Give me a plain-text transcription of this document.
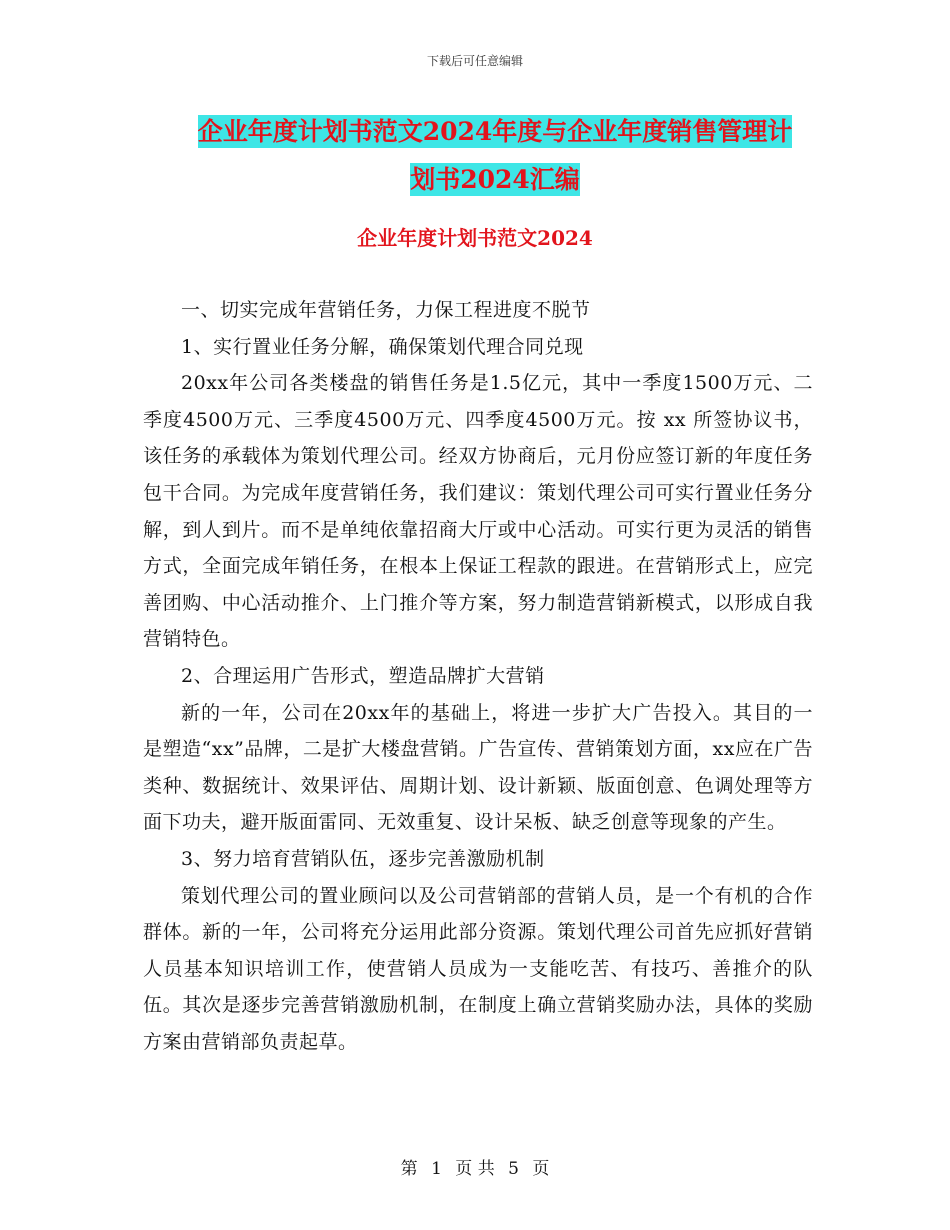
下载后可任意编辑
企业年度计划书范文2024年度与企业年度销售管理计
划书2024汇编
企业年度计划书范文2024

一、切实完成年营销任务，力保工程进度不脱节

1、实行置业任务分解，确保策划代理合同兑现

20xx年公司各类楼盘的销售任务是1.5亿元，其中一季度1500万元、二季度4500万元、三季度4500万元、四季度4500万元。按 xx 所签协议书，该任务的承载体为策划代理公司。经双方协商后，元月份应签订新的年度任务包干合同。为完成年度营销任务，我们建议：策划代理公司可实行置业任务分解，到人到片。而不是单纯依靠招商大厅或中心活动。可实行更为灵活的销售方式，全面完成年销任务，在根本上保证工程款的跟进。在营销形式上，应完善团购、中心活动推介、上门推介等方案，努力制造营销新模式，以形成自我营销特色。

2、合理运用广告形式，塑造品牌扩大营销

新的一年，公司在20xx年的基础上，将进一步扩大广告投入。其目的一是塑造“xx”品牌，二是扩大楼盘营销。广告宣传、营销策划方面，xx应在广告类种、数据统计、效果评估、周期计划、设计新颖、版面创意、色调处理等方面下功夫，避开版面雷同、无效重复、设计呆板、缺乏创意等现象的产生。

3、努力培育营销队伍，逐步完善激励机制

策划代理公司的置业顾问以及公司营销部的营销人员，是一个有机的合作群体。新的一年，公司将充分运用此部分资源。策划代理公司首先应抓好营销人员基本知识培训工作，使营销人员成为一支能吃苦、有技巧、善推介的队伍。其次是逐步完善营销激励机制，在制度上确立营销奖励办法，具体的奖励方案由营销部负责起草。

第 1 页 共 5 页
